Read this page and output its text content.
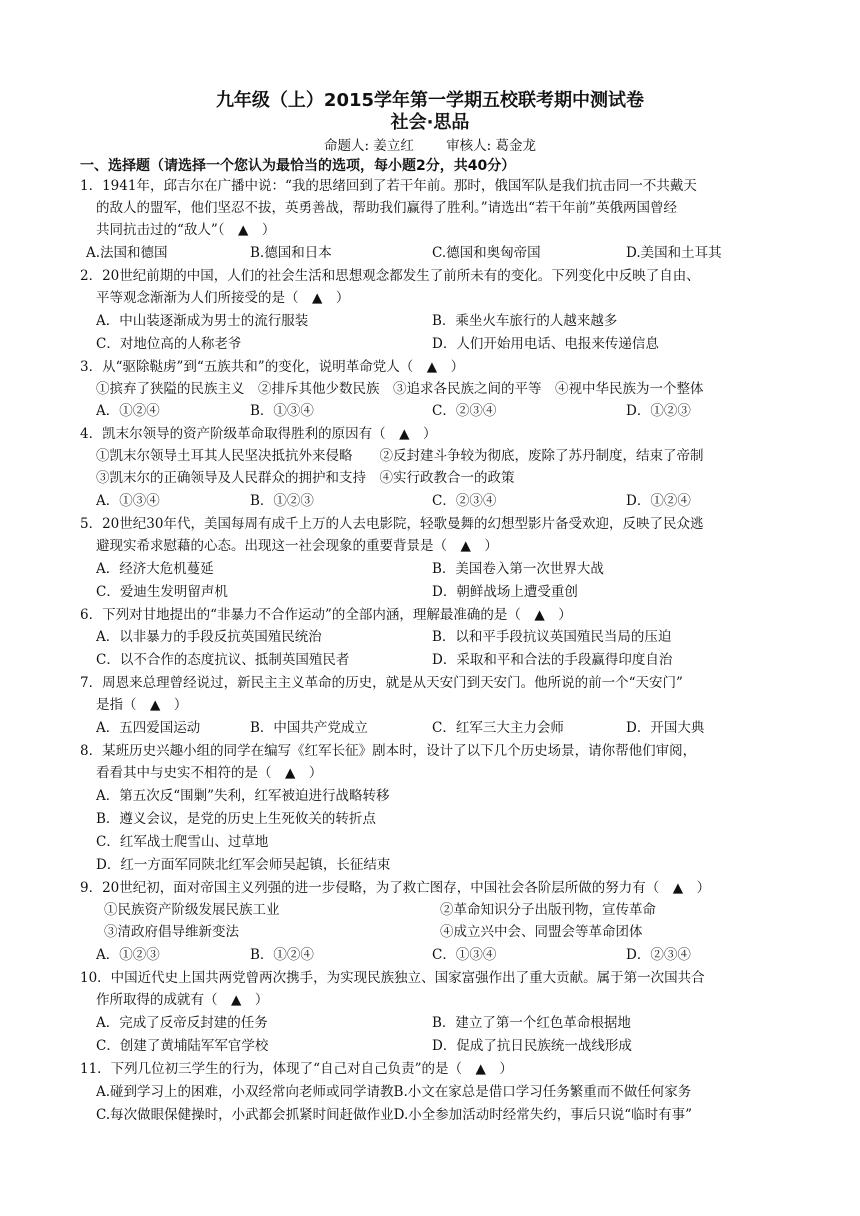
九年级（上）2015学年第一学期五校联考期中测试卷
社会·思品
命题人: 姜立红 审核人: 葛金龙
一、选择题（请选择一个您认为最恰当的选项，每小题2分，共40分）
1．1941年，邱吉尔在广播中说：“我的思绪回到了若干年前。那时，俄国军队是我们抗击同一不共戴天
的敌人的盟军，他们坚忍不拔，英勇善战，帮助我们赢得了胜利。”请选出“若干年前”英俄两国曾经
共同抗击过的“敌人”（　▲　）
A.法国和德国	B.德国和日本	C.德国和奥匈帝国	D.美国和土耳其
2．20世纪前期的中国，人们的社会生活和思想观念都发生了前所未有的变化。下列变化中反映了自由、
平等观念渐渐为人们所接受的是（　▲　）
A．中山装逐渐成为男士的流行服装	B．乘坐火车旅行的人越来越多
C．对地位高的人称老爷	D．人们开始用电话、电报来传递信息
3．从“驱除鞑虏”到“五族共和”的变化，说明革命党人（　▲　）
①摈弃了狭隘的民族主义　②排斥其他少数民族　③追求各民族之间的平等　④视中华民族为一个整体
A．①②④	B．①③④	C．②③④	D．①②③
4．凯末尔领导的资产阶级革命取得胜利的原因有（　▲　）
①凯末尔领导土耳其人民坚决抵抗外来侵略　　②反封建斗争较为彻底，废除了苏丹制度，结束了帝制
③凯末尔的正确领导及人民群众的拥护和支持　④实行政教合一的政策
A．①③④	B．①②③	C．②③④	D．①②④
5．20世纪30年代，美国每周有成千上万的人去电影院，轻歌曼舞的幻想型影片备受欢迎，反映了民众逃
避现实希求慰藉的心态。出现这一社会现象的重要背景是（　▲　）
A．经济大危机蔓延	B．美国卷入第一次世界大战
C．爱迪生发明留声机	D．朝鲜战场上遭受重创
6．下列对甘地提出的“非暴力不合作运动”的全部内涵，理解最准确的是（　▲　）
A．以非暴力的手段反抗英国殖民统治	B．以和平手段抗议英国殖民当局的压迫
C．以不合作的态度抗议、抵制英国殖民者	D．采取和平和合法的手段赢得印度自治
7．周恩来总理曾经说过，新民主主义革命的历史，就是从天安门到天安门。他所说的前一个“天安门”
是指（　▲　）
A．五四爱国运动	B．中国共产党成立	C．红军三大主力会师	D．开国大典
8．某班历史兴趣小组的同学在编写《红军长征》剧本时，设计了以下几个历史场景，请你帮他们审阅，
看看其中与史实不相符的是（　▲　）
A．第五次反“围剿”失利，红军被迫进行战略转移
B．遵义会议，是党的历史上生死攸关的转折点
C．红军战士爬雪山、过草地
D．红一方面军同陕北红军会师吴起镇，长征结束
9．20世纪初，面对帝国主义列强的进一步侵略，为了救亡图存，中国社会各阶层所做的努力有（　▲　）
①民族资产阶级发展民族工业	②革命知识分子出版刊物，宣传革命
③清政府倡导维新变法	④成立兴中会、同盟会等革命团体
A．①②③	B．①②④	C．①③④	D．②③④
10．中国近代史上国共两党曾两次携手，为实现民族独立、国家富强作出了重大贡献。属于第一次国共合
作所取得的成就有（　▲　）
A．完成了反帝反封建的任务	B．建立了第一个红色革命根据地
C．创建了黄埔陆军军官学校	D．促成了抗日民族统一战线形成
11．下列几位初三学生的行为，体现了“自己对自己负责”的是（　▲　）
A.碰到学习上的困难，小双经常向老师或同学请教B.小文在家总是借口学习任务繁重而不做任何家务
C.每次做眼保健操时，小武都会抓紧时间赶做作业D.小全参加活动时经常失约，事后只说“临时有事”
